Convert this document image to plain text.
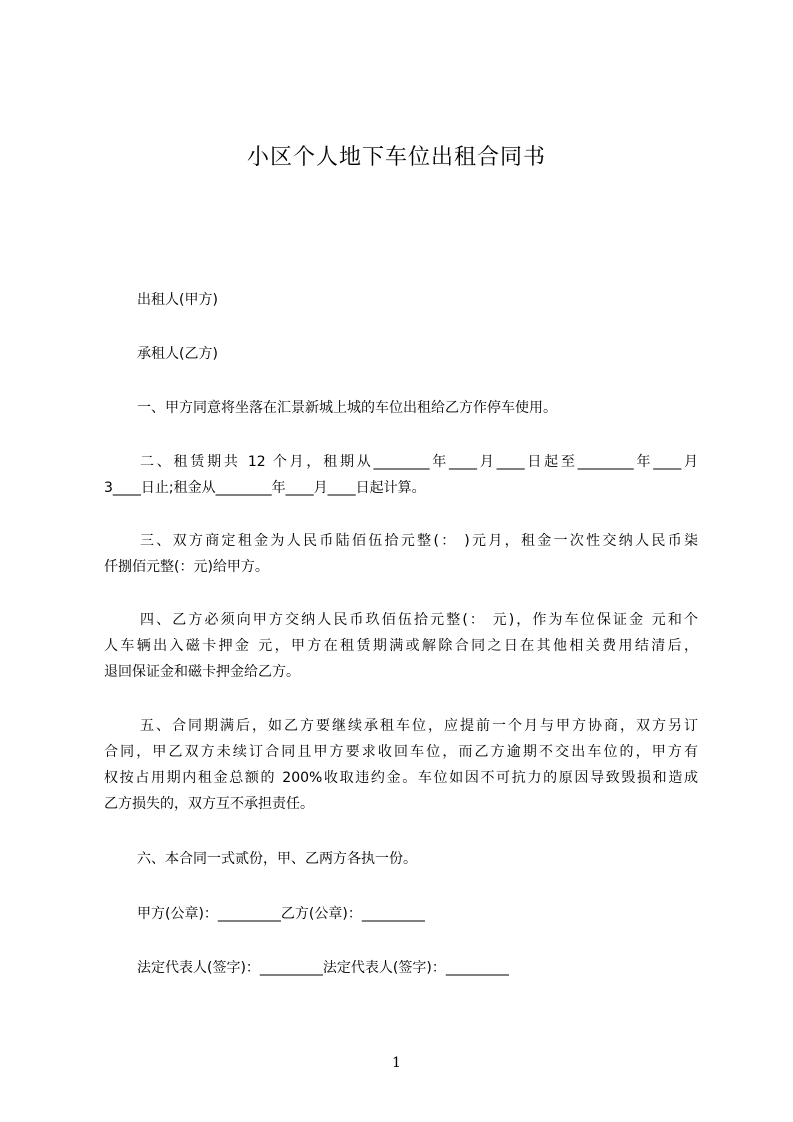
小区个人地下车位出租合同书
出租人(甲方)
承租人(乙方)
一、甲方同意将坐落在汇景新城上城的车位出租给乙方作停车使用。
二、租赁期共 12 个月，租期从________年____月____日起至________年____月
3____日止;租金从________年____月____日起计算。
三、双方商定租金为人民币陆佰伍拾元整(： )元月，租金一次性交纳人民币柒
仟捌佰元整(：元)给甲方。
四、乙方必须向甲方交纳人民币玖佰伍拾元整(： 元)，作为车位保证金 元和个
人车辆出入磁卡押金 元，甲方在租赁期满或解除合同之日在其他相关费用结清后，
退回保证金和磁卡押金给乙方。
五、合同期满后，如乙方要继续承租车位，应提前一个月与甲方协商，双方另订
合同，甲乙双方未续订合同且甲方要求收回车位，而乙方逾期不交出车位的，甲方有
权按占用期内租金总额的 200%收取违约金。车位如因不可抗力的原因导致毁损和造成
乙方损失的，双方互不承担责任。
六、本合同一式贰份，甲、乙两方各执一份。
甲方(公章)：_________乙方(公章)：_________
法定代表人(签字)：_________法定代表人(签字)：_________
1
